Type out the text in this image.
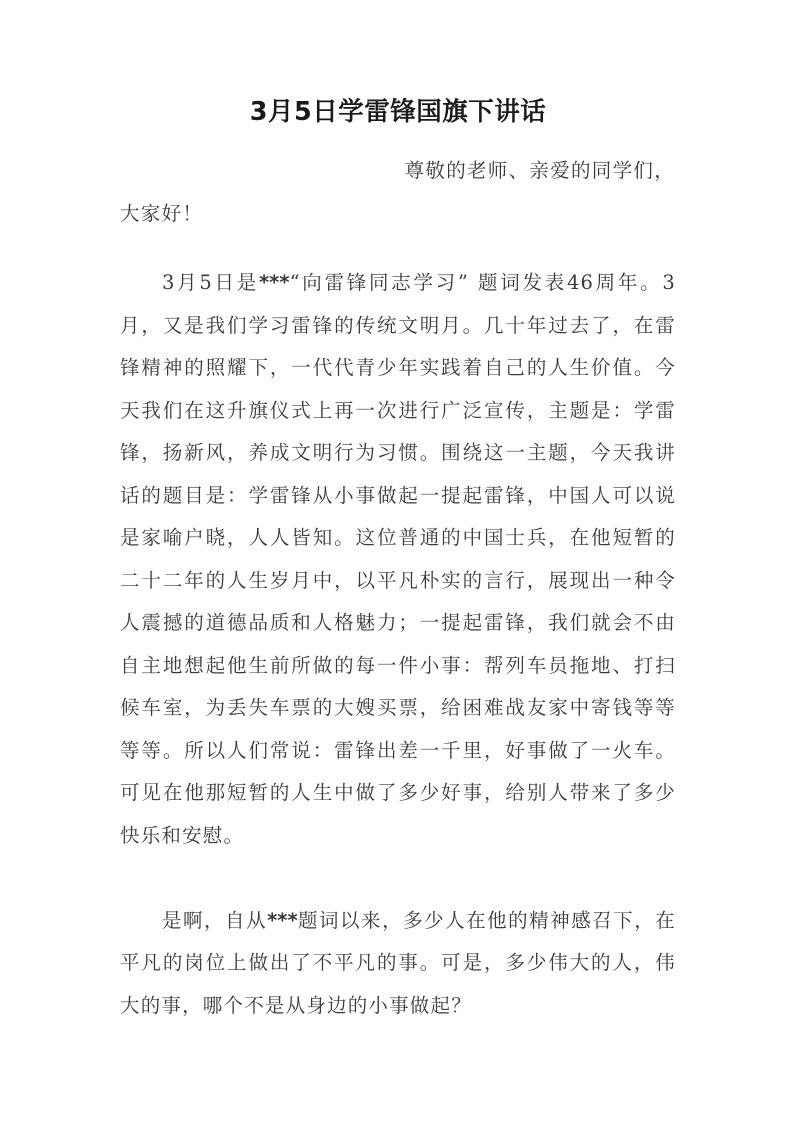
3月5日学雷锋国旗下讲话
尊敬的老师、亲爱的同学们，
大家好！

3月5日是***“向雷锋同志学习” 题词发表46周年。3月，又是我们学习雷锋的传统文明月。几十年过去了，在雷锋精神的照耀下，一代代青少年实践着自己的人生价值。今天我们在这升旗仪式上再一次进行广泛宣传，主题是：学雷锋，扬新风，养成文明行为习惯。围绕这一主题，今天我讲话的题目是：学雷锋从小事做起一提起雷锋，中国人可以说是家喻户晓，人人皆知。这位普通的中国士兵，在他短暂的二十二年的人生岁月中，以平凡朴实的言行，展现出一种令人震撼的道德品质和人格魅力；一提起雷锋，我们就会不由自主地想起他生前所做的每一件小事：帮列车员拖地、打扫候车室，为丢失车票的大嫂买票，给困难战友家中寄钱等等等等。所以人们常说：雷锋出差一千里，好事做了一火车。可见在他那短暂的人生中做了多少好事，给别人带来了多少快乐和安慰。

是啊，自从***题词以来，多少人在他的精神感召下，在平凡的岗位上做出了不平凡的事。可是，多少伟大的人，伟大的事，哪个不是从身边的小事做起？
